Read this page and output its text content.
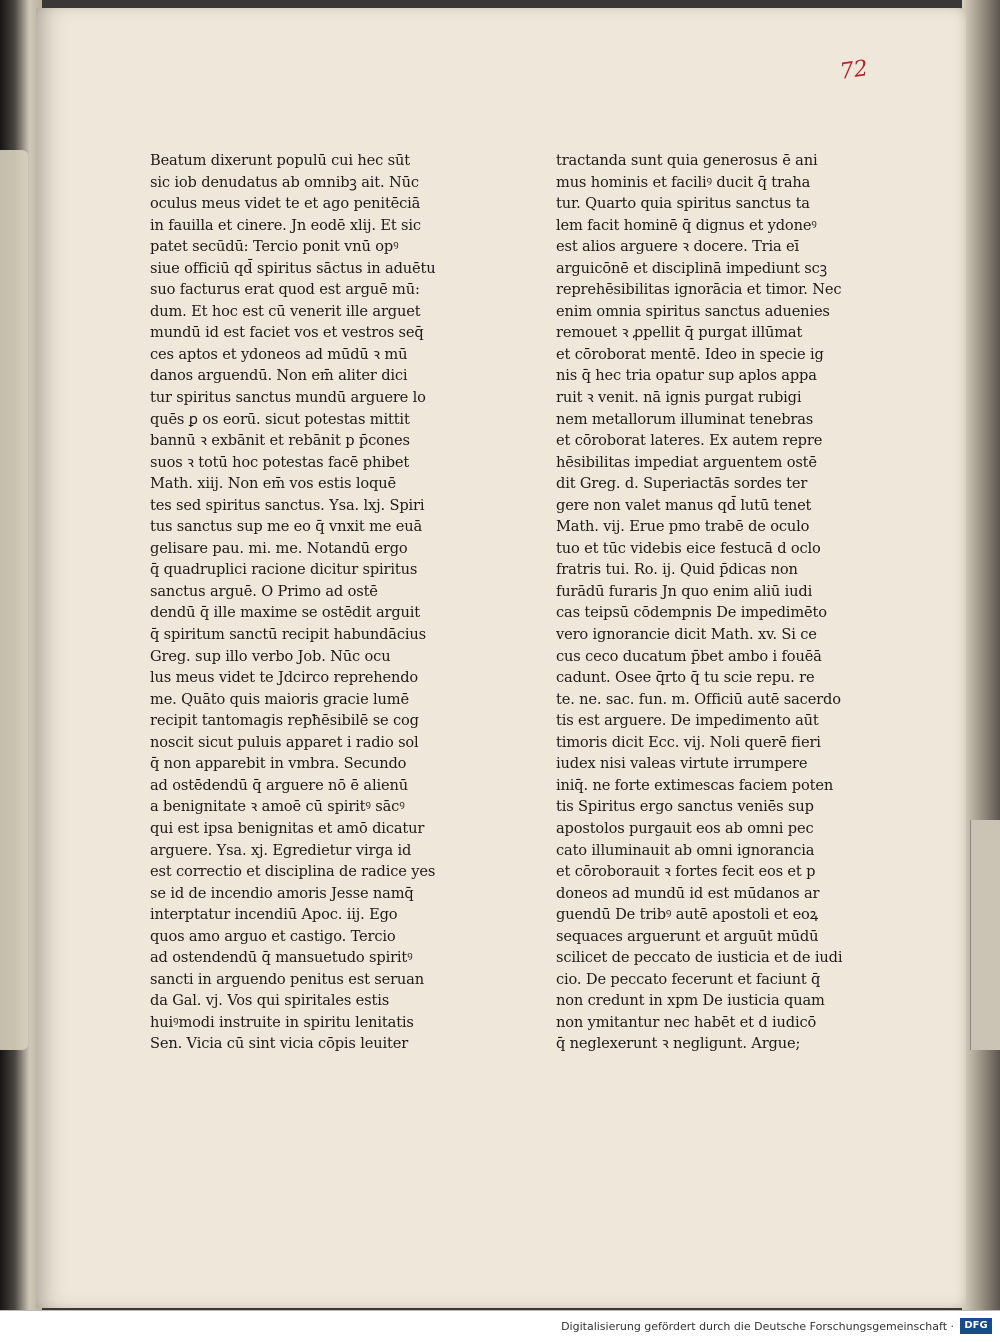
72
Beatum dixerunt populū cui hec sūt
sic iob denudatus ab omnibꝫ ait. Nūc
oculus meus videt te et ago penitēciā
in fauilla et cinere. Jn eodē xlij. Et sic
patet secūdū: Tercio ponit vnū opꝰ
siue officiū qd̄ spiritus sāctus in aduētu
suo facturus erat quod est arguē mū:
dum. Et hoc est cū venerit ille arguet
mundū id est faciet vos et vestros seq̄
ces aptos et ydoneos ad mūdū ꝛ mū
danos arguendū. Non em̄ aliter dici
tur spiritus sanctus mundū arguere lo
quēs ꝑ os eorū. sicut potestas mittit
bannū ꝛ exbānit et rebānit p p̄cones
suos ꝛ totū hoc potestas facē phibet
Math. xiij. Non em̄ vos estis loquē
tes sed spiritus sanctus. Ysa. lxj. Spiri
tus sanctus sup me eo q̄ vnxit me euā
gelisare pau. mi. me. Notandū ergo
q̄ quadruplici racione dicitur spiritus
sanctus arguē. O Primo ad ostē
dendū q̄ ille maxime se ostēdit arguit
q̄ spiritum sanctū recipit habundācius
Greg. sup illo verbo Job. Nūc ocu
lus meus videt te Jdcirco reprehendo
me. Quāto quis maioris gracie lumē
recipit tantomagis repħēsibilē se cog
noscit sicut puluis apparet i radio sol
q̄ non apparebit in vmbra. Secundo
ad ostēdendū q̄ arguere nō ē alienū
a benignitate ꝛ amoē cū spiritꝰ sācꝰ
qui est ipsa benignitas et amō dicatur
arguere. Ysa. xj. Egredietur virga id
est correctio et disciplina de radice yes
se id de incendio amoris Jesse namq̄
interptatur incendiū Apoc. iij. Ego
quos amo arguo et castigo. Tercio
ad ostendendū q̄ mansuetudo spiritꝰ
sancti in arguendo penitus est seruan
da Gal. vj. Vos qui spiritales estis
huiꝰmodi instruite in spiritu lenitatis
Sen. Vicia cū sint vicia cōpis leuiter
tractanda sunt quia generosus ē ani
mus hominis et faciliꝰ ducit q̄ traha
tur. Quarto quia spiritus sanctus ta
lem facit hominē q̄ dignus et ydoneꝰ
est alios arguere ꝛ docere. Tria eī
arguicōnē et disciplinā impediunt scꝫ
reprehēsibilitas ignorācia et timor. Nec
enim omnia spiritus sanctus aduenies
remouet ꝛ ꝓpellit q̄ purgat illūmat
et cōroborat mentē. Ideo in specie ig
nis q̄ hec tria opatur sup aplos appa
ruit ꝛ venit. nā ignis purgat rubigi
nem metallorum illuminat tenebras
et cōroborat lateres. Ex autem repre
hēsibilitas impediat arguentem ostē
dit Greg. d. Superiactās sordes ter
gere non valet manus qd̄ lutū tenet
Math. vij. Erue pmo trabē de oculo
tuo et tūc videbis eice festucā d oclo
fratris tui. Ro. ij. Quid p̄dicas non
furādū furaris Jn quo enim aliū iudi
cas teipsū cōdempnis De impedimēto
vero ignorancie dicit Math. xv. Si ce
cus ceco ducatum p̄bet ambo i fouēā
cadunt. Osee q̄rto q̄ tu scie repu. re
te. ne. sac. fun. m. Officiū autē sacerdo
tis est arguere. De impedimento aūt
timoris dicit Ecc. vij. Noli querē fieri
iudex nisi valeas virtute irrumpere
iniq̄. ne forte extimescas faciem poten
tis Spiritus ergo sanctus veniēs sup
apostolos purgauit eos ab omni pec
cato illuminauit ab omni ignorancia
et cōroborauit ꝛ fortes fecit eos et p
doneos ad mundū id est mūdanos ar
guendū De tribꝰ autē apostoli et eoꝝ
sequaces arguerunt et arguūt mūdū
scilicet de peccato de iusticia et de iudi
cio. De peccato fecerunt et faciunt q̄
non credunt in xpm De iusticia quam
non ymitantur nec habēt et d iudicō
q̄ neglexerunt ꝛ negligunt. Argue;
Digitalisierung gefördert durch die Deutsche Forschungsgemeinschaft ·	DFG
